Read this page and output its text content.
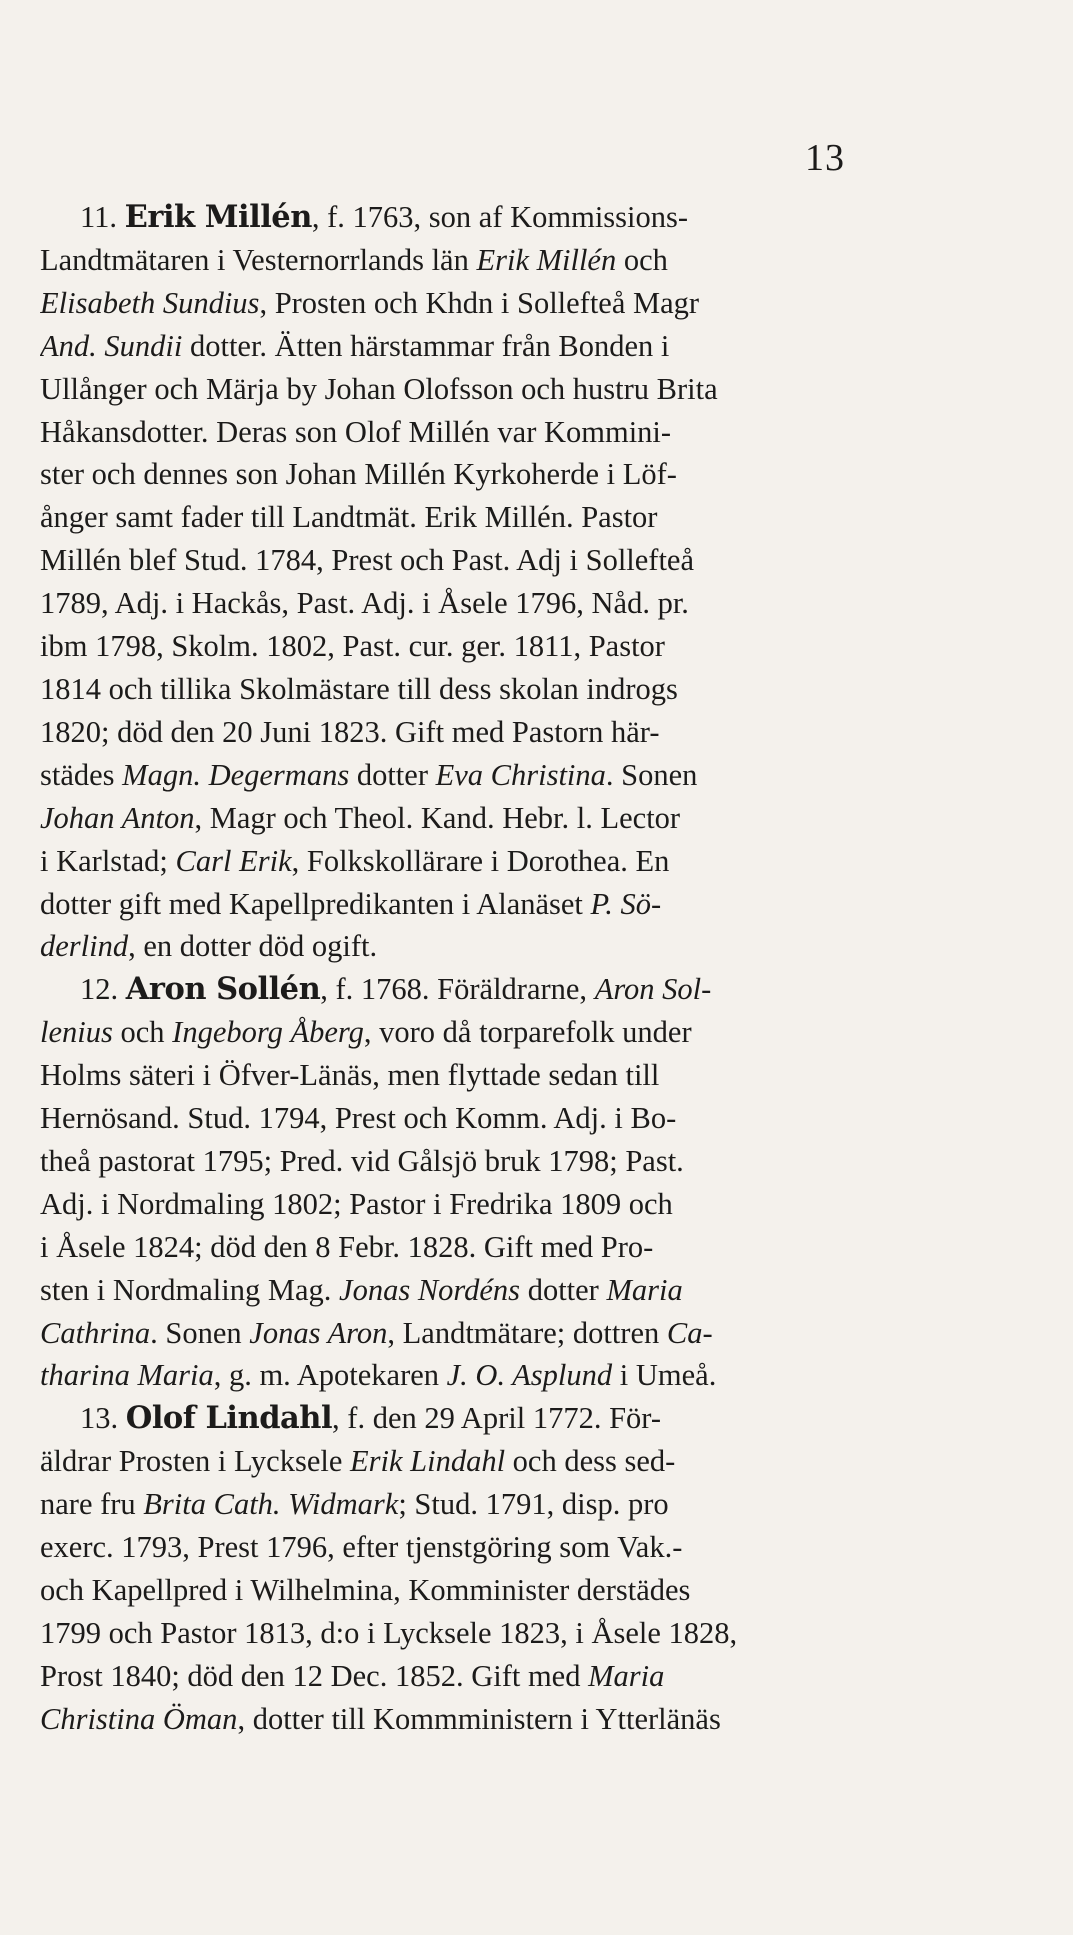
13
11. Erik Millén, f. 1763, son af Kommissions-
Landtmätaren i Vesternorrlands län Erik Millén och
Elisabeth Sundius, Prosten och Khdn i Sollefteå Magr
And. Sundii dotter. Ätten härstammar från Bonden i
Ullånger och Märja by Johan Olofsson och hustru Brita
Håkansdotter. Deras son Olof Millén var Kommini-
ster och dennes son Johan Millén Kyrkoherde i Löf-
ånger samt fader till Landtmät. Erik Millén. Pastor
Millén blef Stud. 1784, Prest och Past. Adj i Sollefteå
1789, Adj. i Hackås, Past. Adj. i Åsele 1796, Nåd. pr.
ibm 1798, Skolm. 1802, Past. cur. ger. 1811, Pastor
1814 och tillika Skolmästare till dess skolan indrogs
1820; död den 20 Juni 1823. Gift med Pastorn här-
städes Magn. Degermans dotter Eva Christina. Sonen
Johan Anton, Magr och Theol. Kand. Hebr. l. Lector
i Karlstad; Carl Erik, Folkskollärare i Dorothea. En
dotter gift med Kapellpredikanten i Alanäset P. Sö-
derlind, en dotter död ogift.
12. Aron Sollén, f. 1768. Föräldrarne, Aron Sol-
lenius och Ingeborg Åberg, voro då torparefolk under
Holms säteri i Öfver-Länäs, men flyttade sedan till
Hernösand. Stud. 1794, Prest och Komm. Adj. i Bo-
theå pastorat 1795; Pred. vid Gålsjö bruk 1798; Past.
Adj. i Nordmaling 1802; Pastor i Fredrika 1809 och
i Åsele 1824; död den 8 Febr. 1828. Gift med Pro-
sten i Nordmaling Mag. Jonas Nordéns dotter Maria
Cathrina. Sonen Jonas Aron, Landtmätare; dottren Ca-
tharina Maria, g. m. Apotekaren J. O. Asplund i Umeå.
13. Olof Lindahl, f. den 29 April 1772. För-
äldrar Prosten i Lycksele Erik Lindahl och dess sed-
nare fru Brita Cath. Widmark; Stud. 1791, disp. pro
exerc. 1793, Prest 1796, efter tjenstgöring som Vak.-
och Kapellpred i Wilhelmina, Komminister derstädes
1799 och Pastor 1813, d:o i Lycksele 1823, i Åsele 1828,
Prost 1840; död den 12 Dec. 1852. Gift med Maria
Christina Öman, dotter till Kommministern i Ytterlänäs
